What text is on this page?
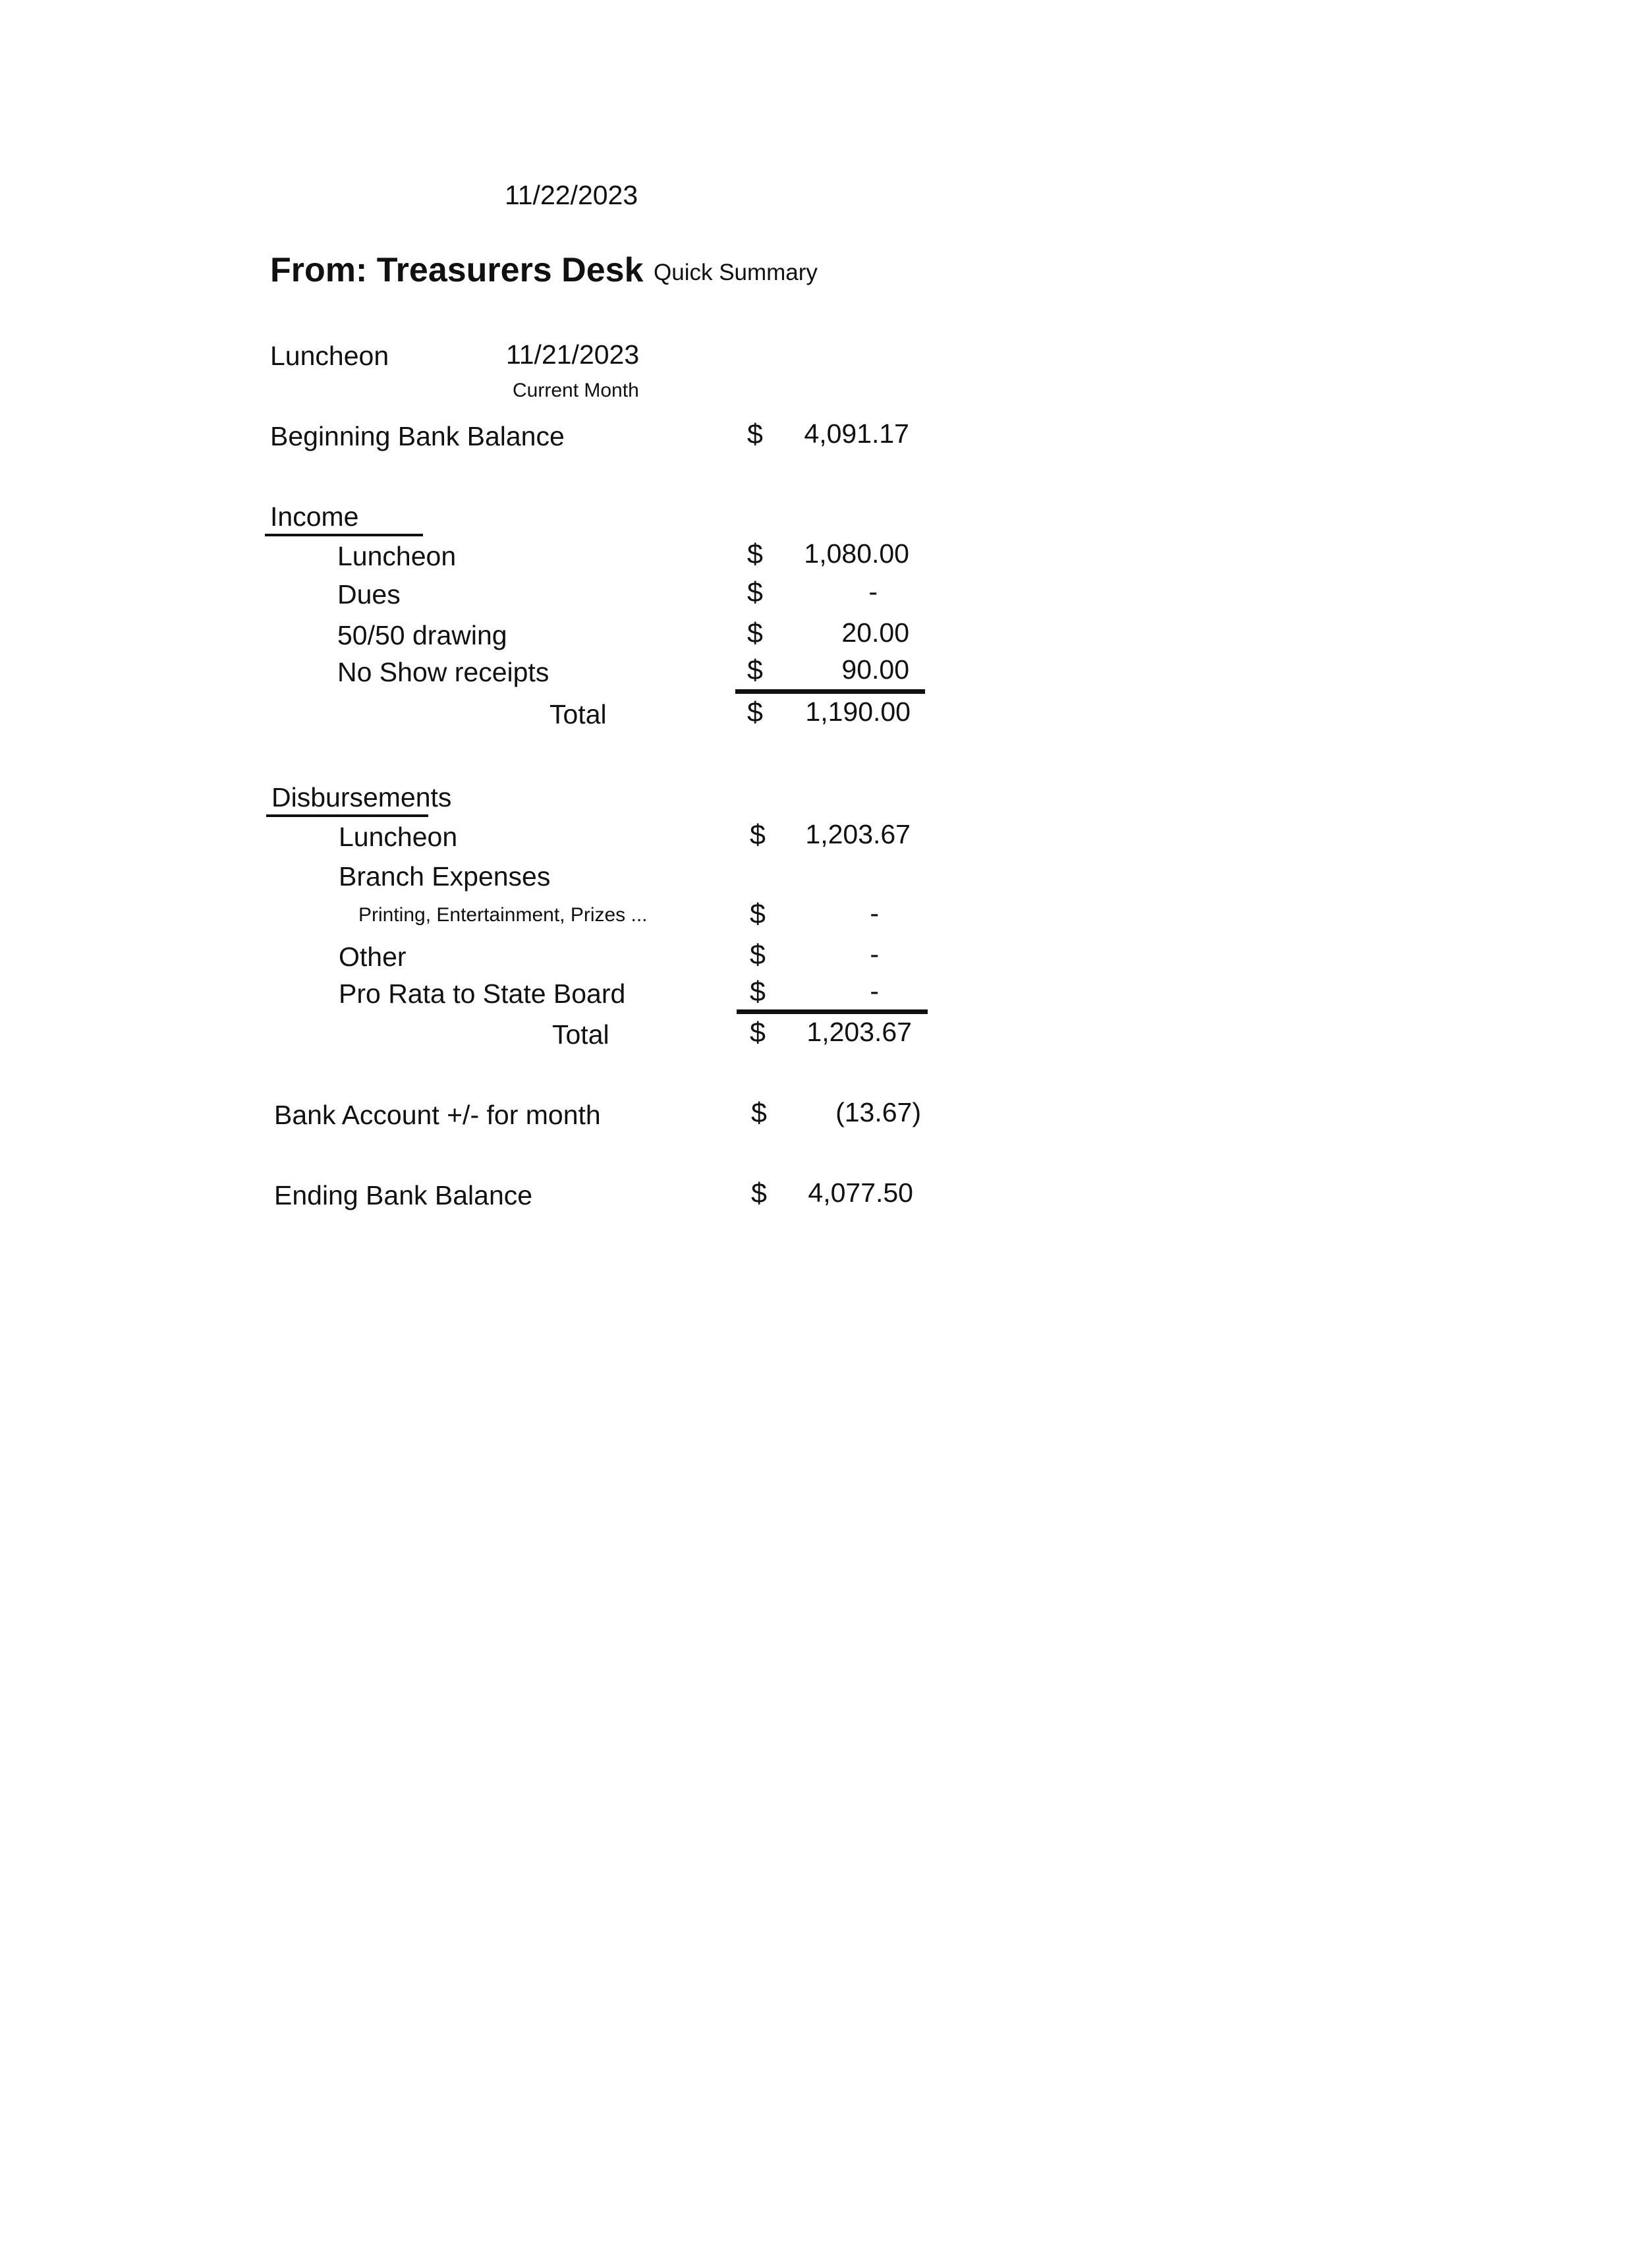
11/22/2023
From: Treasurers Desk Quick Summary
Luncheon	11/21/2023
Current Month
Beginning Bank Balance	$	4,091.17
Income
Luncheon	$	1,080.00
Dues	$	-
50/50 drawing	$	20.00
No Show receipts	$	90.00
Total	$	1,190.00
Disbursements
Luncheon	$	1,203.67
Branch Expenses
Printing, Entertainment, Prizes ...	$	-
Other	$	-
Pro Rata to State Board	$	-
Total	$	1,203.67
Bank Account +/- for month	$	(13.67)
Ending Bank Balance	$	4,077.50
